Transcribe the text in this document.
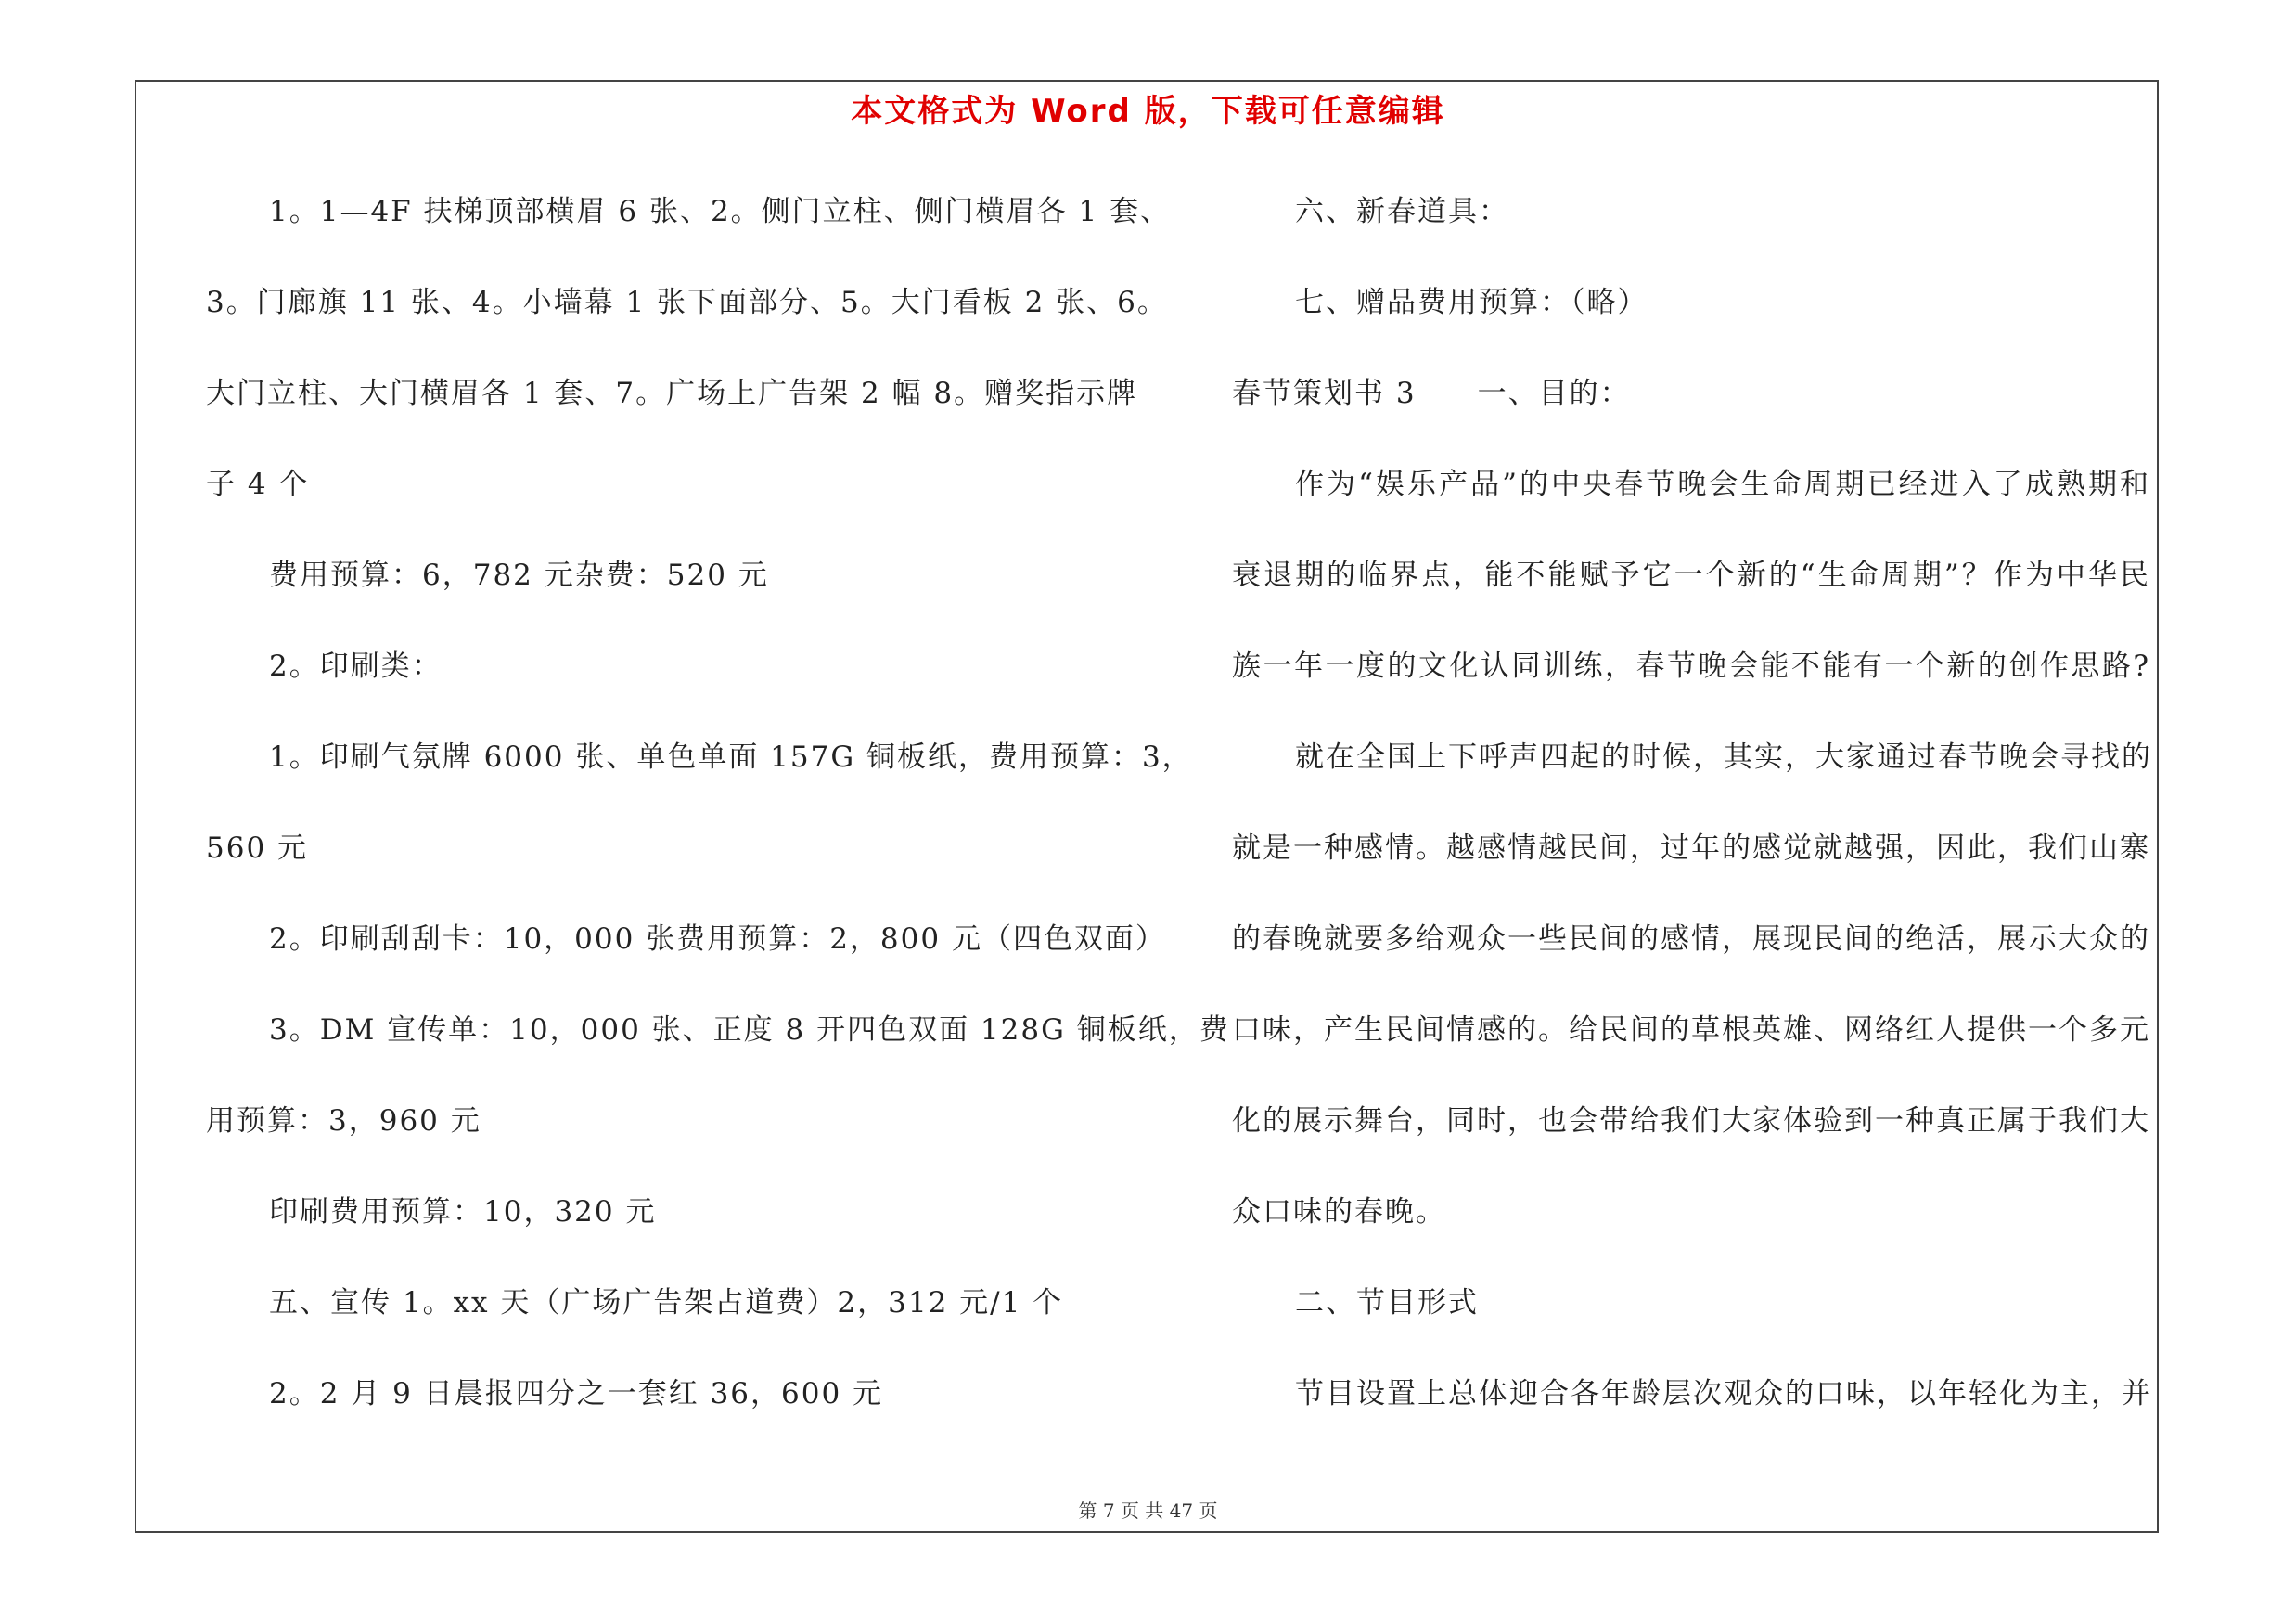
本文格式为 Word 版，下载可任意编辑
1。1—4F 扶梯顶部横眉 6 张、2。侧门立柱、侧门横眉各 1 套、
3。门廊旗 11 张、4。小墙幕 1 张下面部分、5。大门看板 2 张、6。
大门立柱、大门横眉各 1 套、7。广场上广告架 2 幅 8。赠奖指示牌
子 4 个
费用预算：6，782 元杂费：520 元
2。印刷类：
1。印刷气氛牌 6000 张、单色单面 157G 铜板纸，费用预算：3，
560 元
2。印刷刮刮卡：10，000 张费用预算：2，800 元（四色双面）
3。DM 宣传单：10，000 张、正度 8 开四色双面 128G 铜板纸，费
用预算：3，960 元
印刷费用预算：10，320 元
五、宣传 1。xx 天（广场广告架占道费）2，312 元/1 个
2。2 月 9 日晨报四分之一套红 36，600 元
六、新春道具：
七、赠品费用预算：（略）
春节策划书 3　　一、目的：
作为“娱乐产品”的中央春节晚会生命周期已经进入了成熟期和
衰退期的临界点，能不能赋予它一个新的“生命周期”？作为中华民
族一年一度的文化认同训练，春节晚会能不能有一个新的创作思路?
就在全国上下呼声四起的时候，其实，大家通过春节晚会寻找的
就是一种感情。越感情越民间，过年的感觉就越强，因此，我们山寨
的春晚就要多给观众一些民间的感情，展现民间的绝活，展示大众的
口味，产生民间情感的。给民间的草根英雄、网络红人提供一个多元
化的展示舞台，同时，也会带给我们大家体验到一种真正属于我们大
众口味的春晚。
二、节目形式
节目设置上总体迎合各年龄层次观众的口味，以年轻化为主，并
第 7 页 共 47 页
